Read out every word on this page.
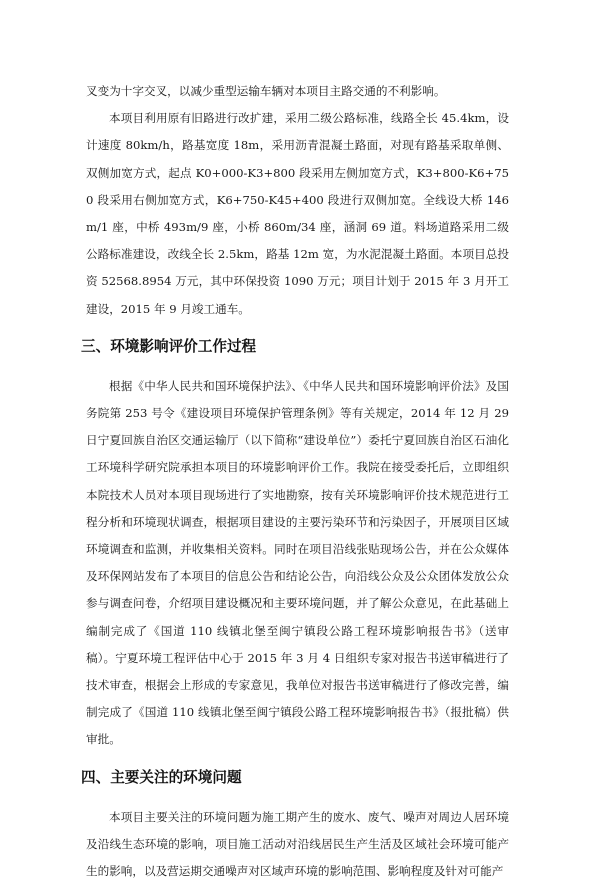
叉变为十字交叉，以减少重型运输车辆对本项目主路交通的不利影响。

本项目利用原有旧路进行改扩建，采用二级公路标准，线路全长 45.4km，设计速度 80km/h，路基宽度 18m，采用沥青混凝土路面，对现有路基采取单侧、双侧加宽方式，起点 K0+000-K3+800 段采用左侧加宽方式，K3+800-K6+750 段采用右侧加宽方式，K6+750-K45+400 段进行双侧加宽。全线设大桥 146m/1 座，中桥 493m/9 座，小桥 860m/34 座，涵洞 69 道。料场道路采用二级公路标准建设，改线全长 2.5km，路基 12m 宽，为水泥混凝土路面。本项目总投资 52568.8954 万元，其中环保投资 1090 万元；项目计划于 2015 年 3 月开工建设，2015 年 9 月竣工通车。

三、环境影响评价工作过程

根据《中华人民共和国环境保护法》、《中华人民共和国环境影响评价法》及国务院第 253 号令《建设项目环境保护管理条例》等有关规定，2014 年 12 月 29 日宁夏回族自治区交通运输厅（以下简称“建设单位”）委托宁夏回族自治区石油化工环境科学研究院承担本项目的环境影响评价工作。我院在接受委托后，立即组织本院技术人员对本项目现场进行了实地勘察，按有关环境影响评价技术规范进行工程分析和环境现状调查，根据项目建设的主要污染环节和污染因子，开展项目区域环境调查和监测，并收集相关资料。同时在项目沿线张贴现场公告，并在公众媒体及环保网站发布了本项目的信息公告和结论公告，向沿线公众及公众团体发放公众参与调查问卷，介绍项目建设概况和主要环境问题，并了解公众意见，在此基础上编制完成了《国道 110 线镇北堡至闽宁镇段公路工程环境影响报告书》（送审稿）。宁夏环境工程评估中心于 2015 年 3 月 4 日组织专家对报告书送审稿进行了技术审查，根据会上形成的专家意见，我单位对报告书送审稿进行了修改完善，编制完成了《国道 110 线镇北堡至闽宁镇段公路工程环境影响报告书》（报批稿）供审批。

四、主要关注的环境问题

本项目主要关注的环境问题为施工期产生的废水、废气、噪声对周边人居环境及沿线生态环境的影响，项目施工活动对沿线居民生产生活及区域社会环境可能产生的影响，以及营运期交通噪声对区域声环境的影响范围、影响程度及针对可能产
